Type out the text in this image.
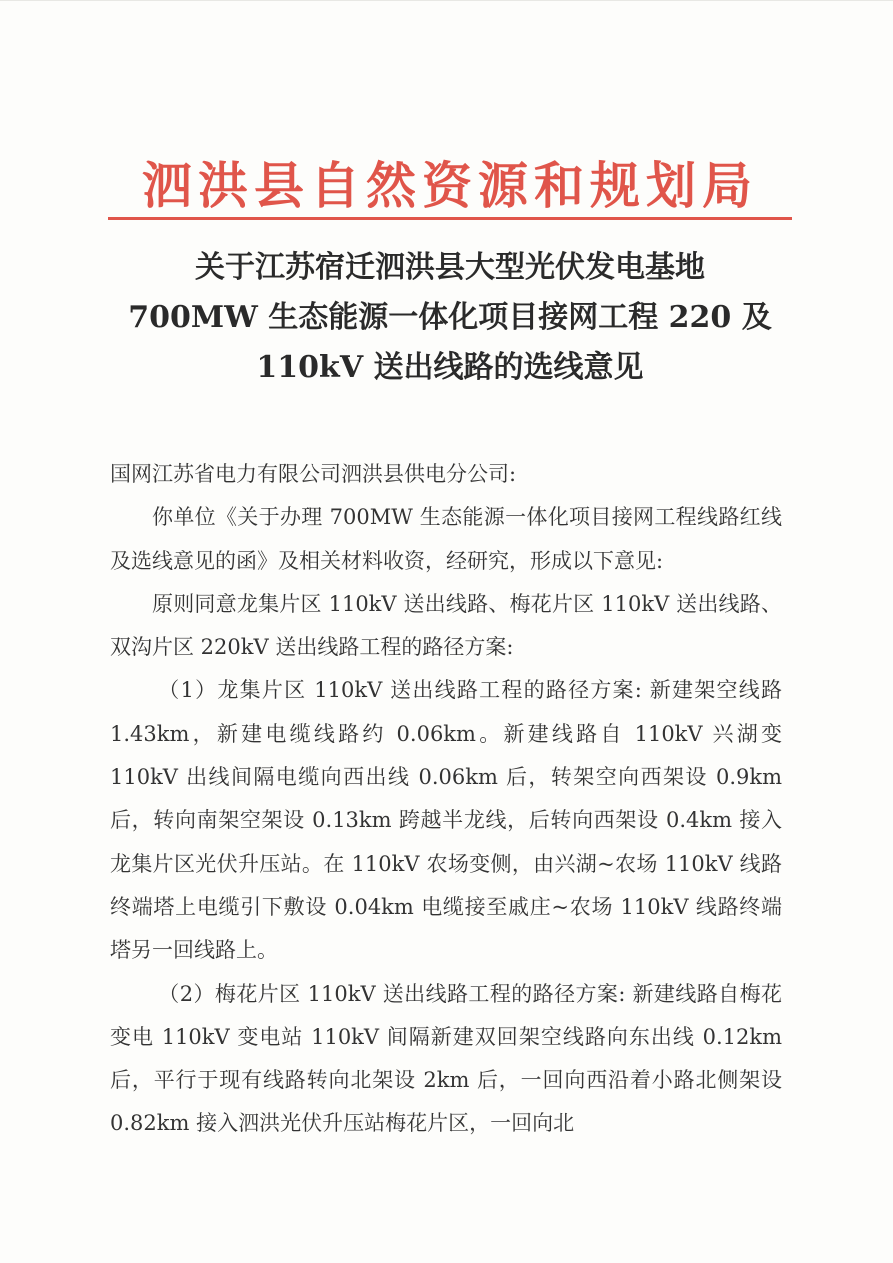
泗洪县自然资源和规划局
关于江苏宿迁泗洪县大型光伏发电基地
700MW 生态能源一体化项目接网工程 220 及
110kV 送出线路的选线意见

国网江苏省电力有限公司泗洪县供电分公司:

你单位《关于办理 700MW 生态能源一体化项目接网工程线路红线及选线意见的函》及相关材料收资，经研究，形成以下意见:

原则同意龙集片区 110kV 送出线路、梅花片区 110kV 送出线路、双沟片区 220kV 送出线路工程的路径方案:

（1）龙集片区 110kV 送出线路工程的路径方案: 新建架空线路 1.43km，新建电缆线路约 0.06km。新建线路自 110kV 兴湖变 110kV 出线间隔电缆向西出线 0.06km 后，转架空向西架设 0.9km 后，转向南架空架设 0.13km 跨越半龙线，后转向西架设 0.4km 接入龙集片区光伏升压站。在 110kV 农场变侧，由兴湖~农场 110kV 线路终端塔上电缆引下敷设 0.04km 电缆接至戚庄~农场 110kV 线路终端塔另一回线路上。

（2）梅花片区 110kV 送出线路工程的路径方案: 新建线路自梅花变电 110kV 变电站 110kV 间隔新建双回架空线路向东出线 0.12km 后，平行于现有线路转向北架设 2km 后，一回向西沿着小路北侧架设 0.82km 接入泗洪光伏升压站梅花片区，一回向北
